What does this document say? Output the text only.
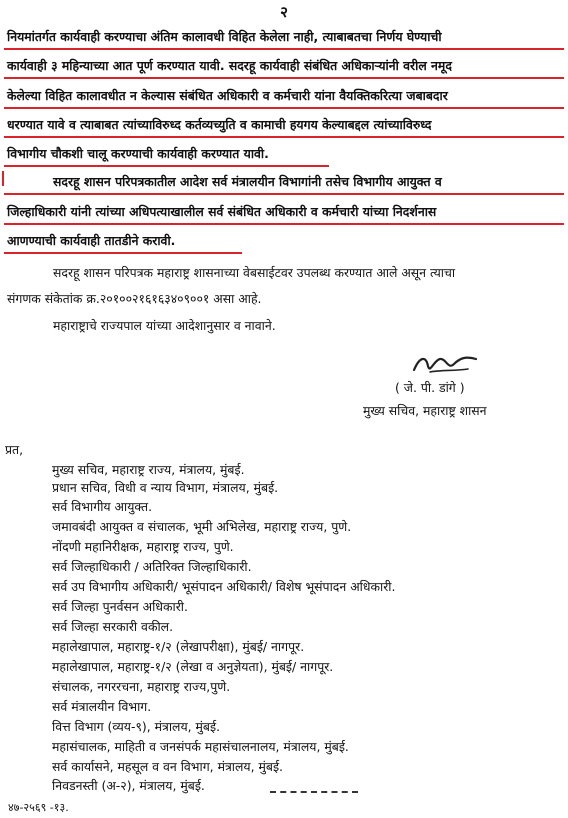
२
नियमांतर्गत कार्यवाही करण्याचा अंतिम कालावधी विहित केलेला नाही, त्याबाबतचा निर्णय घेण्याची
कार्यवाही ३ महिन्याच्या आत पूर्ण करण्यात यावी. सदरहू कार्यवाही संबंधित अधिकाऱ्यांनी वरील नमूद
केलेल्या विहित कालावधीत न केल्यास संबंधित अधिकारी व कर्मचारी यांना वैयक्तिकरित्या जबाबदार
धरण्यात यावे व त्याबाबत त्यांच्याविरुध्द कर्तव्यच्युति व कामाची हयगय केल्याबद्दल त्यांच्याविरुध्द
विभागीय चौकशी चालू करण्याची कार्यवाही करण्यात यावी.
सदरहू शासन परिपत्रकातील आदेश सर्व मंत्रालयीन विभागांनी तसेच विभागीय आयुक्त व
जिल्हाधिकारी यांनी त्यांच्या अधिपत्याखालील सर्व संबंधित अधिकारी व कर्मचारी यांच्या निदर्शनास
आणण्याची कार्यवाही तातडीने करावी.
सदरहू शासन परिपत्रक महाराष्ट्र शासनाच्या वेबसाईटवर उपलब्ध करण्यात आले असून त्याचा
संगणक संकेतांक क्र.२०१००२१६१६३४०९००१ असा आहे.
महाराष्ट्राचे राज्यपाल यांच्या आदेशानुसार व नावाने.
( जे. पी. डांगे )
मुख्य सचिव, महाराष्ट्र शासन
प्रत,
मुख्य सचिव, महाराष्ट्र राज्य, मंत्रालय, मुंबई.
प्रधान सचिव, विधी व न्याय विभाग, मंत्रालय, मुंबई.
सर्व विभागीय आयुक्त.
जमावबंदी आयुक्त व संचालक, भूमी अभिलेख, महाराष्ट्र राज्य, पुणे.
नोंदणी महानिरीक्षक, महाराष्ट्र राज्य, पुणे.
सर्व जिल्हाधिकारी / अतिरिक्त जिल्हाधिकारी.
सर्व उप विभागीय अधिकारी/ भूसंपादन अधिकारी/ विशेष भूसंपादन अधिकारी.
सर्व जिल्हा पुनर्वसन अधिकारी.
सर्व जिल्हा सरकारी वकील.
महालेखापाल, महाराष्ट्र-१/२ (लेखापरीक्षा), मुंबई/ नागपूर.
महालेखापाल, महाराष्ट्र-१/२ (लेखा व अनुज्ञेयता), मुंबई/ नागपूर.
संचालक, नगररचना, महाराष्ट्र राज्य,पुणे.
सर्व मंत्रालयीन विभाग.
वित्त विभाग (व्यय-९), मंत्रालय, मुंबई.
महासंचालक, माहिती व जनसंपर्क महासंचालनालय, मंत्रालय, मुंबई.
सर्व कार्यासने, महसूल व वन विभाग, मंत्रालय, मुंबई.
निवडनस्ती (अ-२), मंत्रालय, मुंबई.
४७-२५६९ -१३.
